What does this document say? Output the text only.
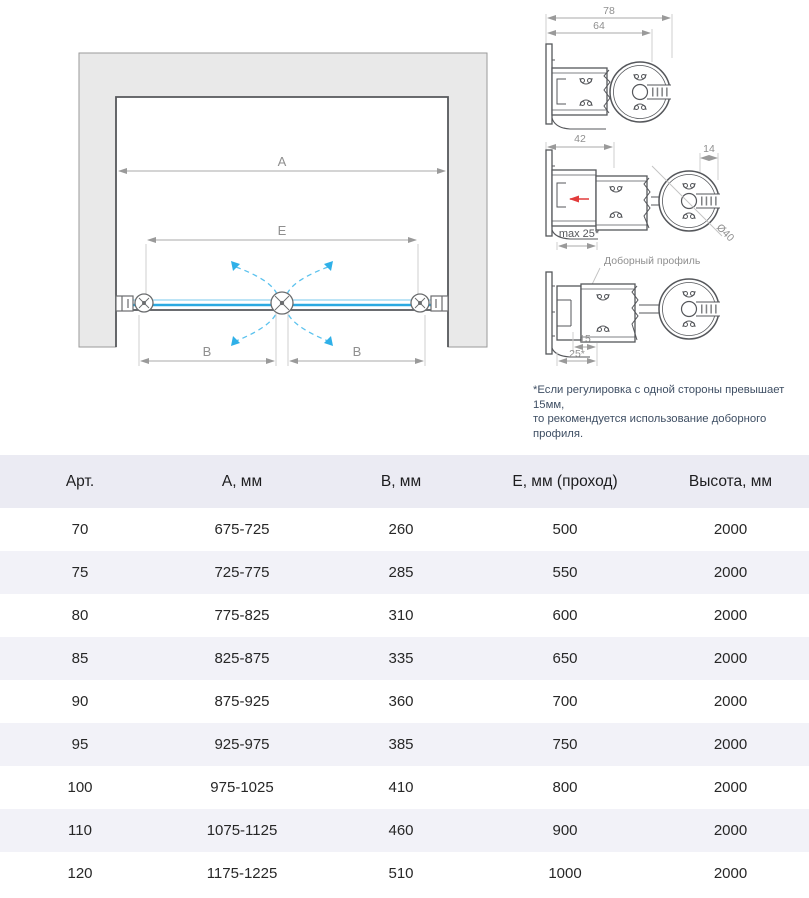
A
E
B	B
78
64
42
14
Ø40
max 25*
Доборный профиль
15
25*
*Если регулировка с одной стороны превышает 15мм,
то рекомендуется использование доборного профиля.
Арт.	А, мм	В, мм	Е, мм (проход)	Высота, мм
70	675-725	260	500	2000
75	725-775	285	550	2000
80	775-825	310	600	2000
85	825-875	335	650	2000
90	875-925	360	700	2000
95	925-975	385	750	2000
100	975-1025	410	800	2000
110	1075-1125	460	900	2000
120	1175-1225	510	1000	2000
